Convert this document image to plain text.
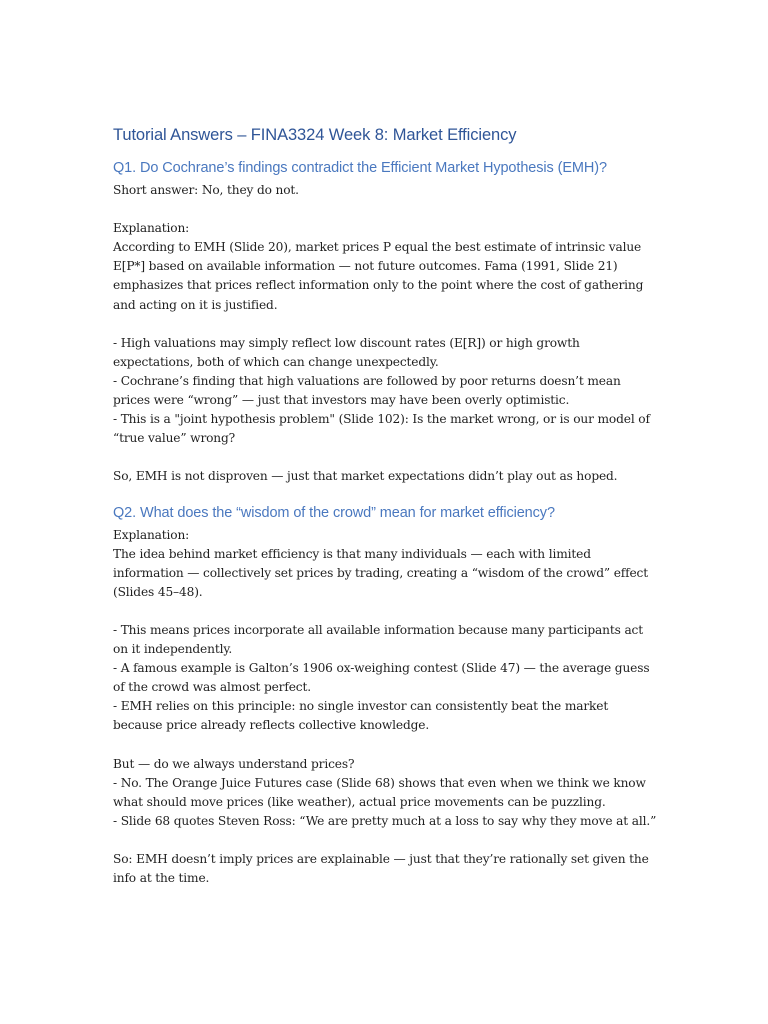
Tutorial Answers – FINA3324 Week 8: Market Efficiency
Q1. Do Cochrane’s findings contradict the Efficient Market Hypothesis (EMH)?

Short answer: No, they do not.

Explanation:

According to EMH (Slide 20), market prices P equal the best estimate of intrinsic value E[P*] based on available information — not future outcomes. Fama (1991, Slide 21) emphasizes that prices reflect information only to the point where the cost of gathering and acting on it is justified.

- High valuations may simply reflect low discount rates (E[R]) or high growth expectations, both of which can change unexpectedly.

- Cochrane’s finding that high valuations are followed by poor returns doesn’t mean prices were “wrong” — just that investors may have been overly optimistic.

- This is a "joint hypothesis problem" (Slide 102): Is the market wrong, or is our model of “true value” wrong?

So, EMH is not disproven — just that market expectations didn’t play out as hoped.

Q2. What does the “wisdom of the crowd” mean for market efficiency?

Explanation:

The idea behind market efficiency is that many individuals — each with limited information — collectively set prices by trading, creating a “wisdom of the crowd” effect (Slides 45–48).

- This means prices incorporate all available information because many participants act on it independently.

- A famous example is Galton’s 1906 ox-weighing contest (Slide 47) — the average guess of the crowd was almost perfect.

- EMH relies on this principle: no single investor can consistently beat the market because price already reflects collective knowledge.

But — do we always understand prices?

- No. The Orange Juice Futures case (Slide 68) shows that even when we think we know what should move prices (like weather), actual price movements can be puzzling.

- Slide 68 quotes Steven Ross: “We are pretty much at a loss to say why they move at all.”

So: EMH doesn’t imply prices are explainable — just that they’re rationally set given the info at the time.
